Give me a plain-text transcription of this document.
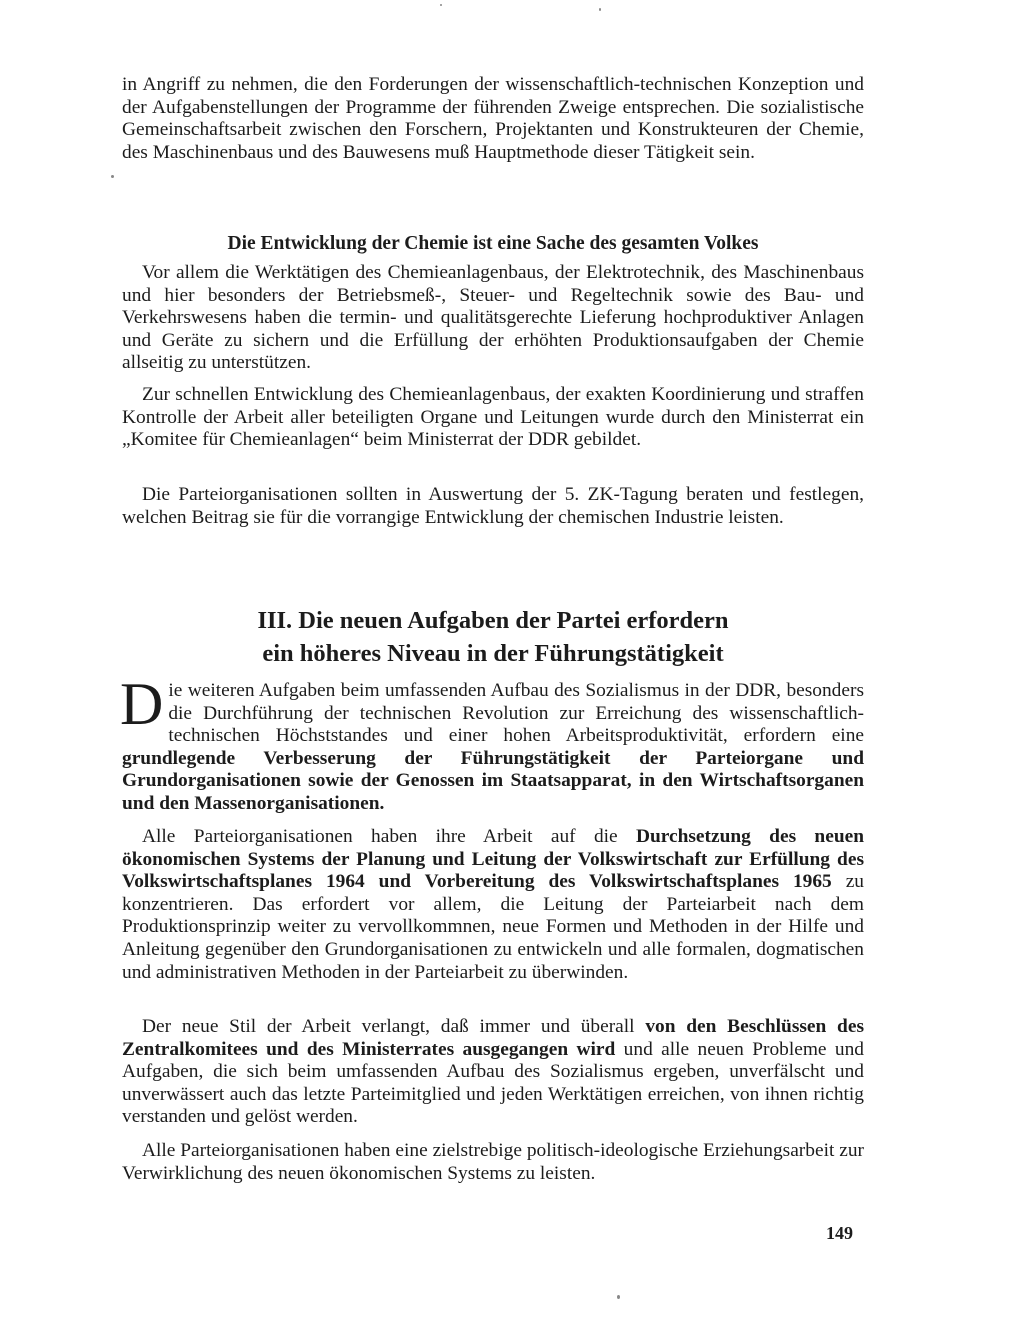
in Angriff zu nehmen, die den Forderungen der wissenschaftlich-technischen Konzeption und der Aufgabenstellungen der Programme der führenden Zweige entsprechen. Die sozialistische Gemeinschaftsarbeit zwischen den Forschern, Projektanten und Konstrukteuren der Chemie, des Maschinenbaus und des Bauwesens muß Hauptmethode dieser Tätigkeit sein.

Die Entwicklung der Chemie ist eine Sache des gesamten Volkes

Vor allem die Werktätigen des Chemieanlagenbaus, der Elektrotechnik, des Maschinenbaus und hier besonders der Betriebsmeß-, Steuer- und Regeltechnik sowie des Bau- und Verkehrswesens haben die termin- und qualitätsgerechte Lieferung hochproduktiver Anlagen und Geräte zu sichern und die Erfüllung der erhöhten Produktionsaufgaben der Chemie allseitig zu unterstützen.

Zur schnellen Entwicklung des Chemieanlagenbaus, der exakten Koordinierung und straffen Kontrolle der Arbeit aller beteiligten Organe und Leitungen wurde durch den Ministerrat ein „Komitee für Chemieanlagen“ beim Ministerrat der DDR gebildet.

Die Parteiorganisationen sollten in Auswertung der 5. ZK-Tagung beraten und festlegen, welchen Beitrag sie für die vorrangige Entwicklung der chemischen Industrie leisten.

III. Die neuen Aufgaben der Partei erfordern
ein höheres Niveau in der Führungstätigkeit

Die weiteren Aufgaben beim umfassenden Aufbau des Sozialismus in der DDR, besonders die Durchführung der technischen Revolution zur Erreichung des wissenschaftlich-technischen Höchststandes und einer hohen Arbeitsproduktivität, erfordern eine grundlegende Verbesserung der Führungstätigkeit der Parteiorgane und Grundorganisationen sowie der Genossen im Staatsapparat, in den Wirtschaftsorganen und den Massenorganisationen.

Alle Parteiorganisationen haben ihre Arbeit auf die Durchsetzung des neuen ökonomischen Systems der Planung und Leitung der Volkswirtschaft zur Erfüllung des Volkswirtschaftsplanes 1964 und Vorbereitung des Volkswirtschaftsplanes 1965 zu konzentrieren. Das erfordert vor allem, die Leitung der Parteiarbeit nach dem Produktionsprinzip weiter zu vervollkommnen, neue Formen und Methoden in der Hilfe und Anleitung gegenüber den Grundorganisationen zu entwickeln und alle formalen, dogmatischen und administrativen Methoden in der Parteiarbeit zu überwinden.

Der neue Stil der Arbeit verlangt, daß immer und überall von den Beschlüssen des Zentralkomitees und des Ministerrates ausgegangen wird und alle neuen Probleme und Aufgaben, die sich beim umfassenden Aufbau des Sozialismus ergeben, unverfälscht und unverwässert auch das letzte Parteimitglied und jeden Werktätigen erreichen, von ihnen richtig verstanden und gelöst werden.

Alle Parteiorganisationen haben eine zielstrebige politisch-ideologische Erziehungsarbeit zur Verwirklichung des neuen ökonomischen Systems zu leisten.

149
